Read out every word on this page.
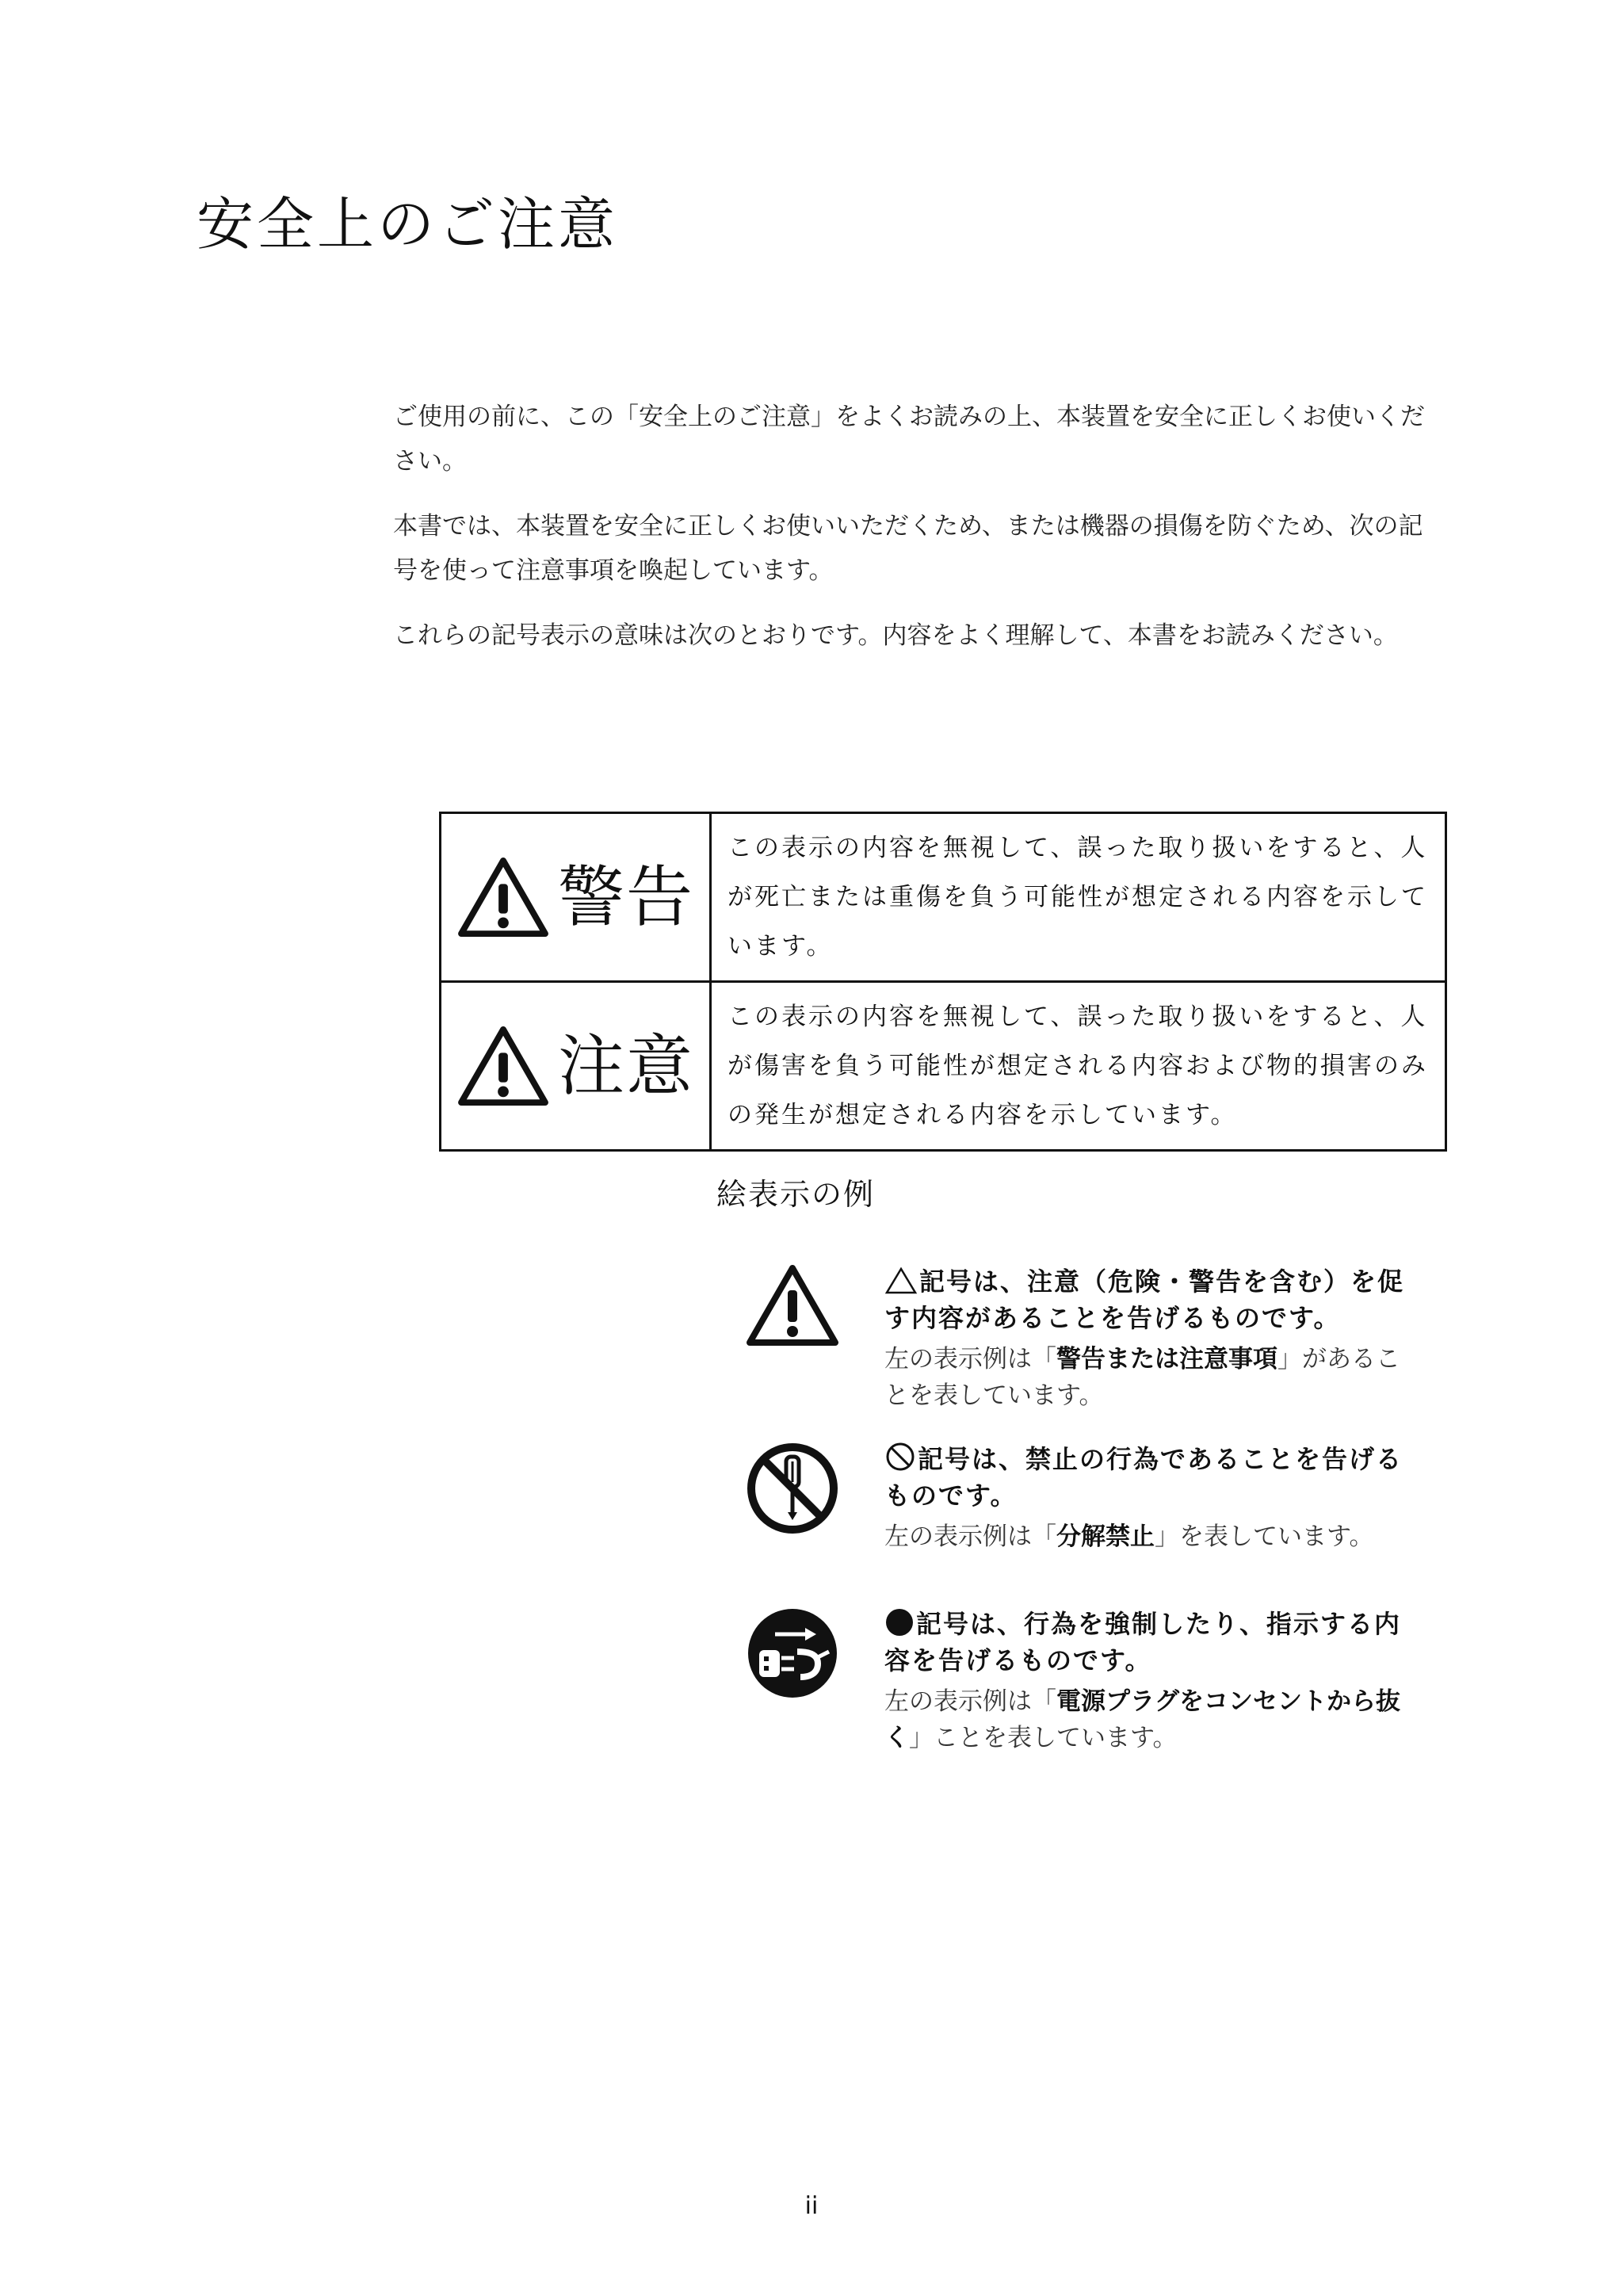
安全上のご注意

ご使用の前に、この「安全上のご注意」をよくお読みの上、本装置を安全に正しくお使いください。

本書では、本装置を安全に正しくお使いいただくため、または機器の損傷を防ぐため、次の記号を使って注意事項を喚起しています。

これらの記号表示の意味は次のとおりです。内容をよく理解して、本書をお読みください。

警告	この表示の内容を無視して、誤った取り扱いをすると、人が死亡または重傷を負う可能性が想定される内容を示しています。

注意	この表示の内容を無視して、誤った取り扱いをすると、人が傷害を負う可能性が想定される内容および物的損害のみの発生が想定される内容を示しています。
絵表示の例

記号は、注意（危険・警告を含む）を促す内容があることを告げるものです。

左の表示例は「警告または注意事項」があることを表しています。

記号は、禁止の行為であることを告げるものです。

左の表示例は「分解禁止」を表しています。

記号は、行為を強制したり、指示する内容を告げるものです。

左の表示例は「電源プラグをコンセントから抜く」ことを表しています。

ii
